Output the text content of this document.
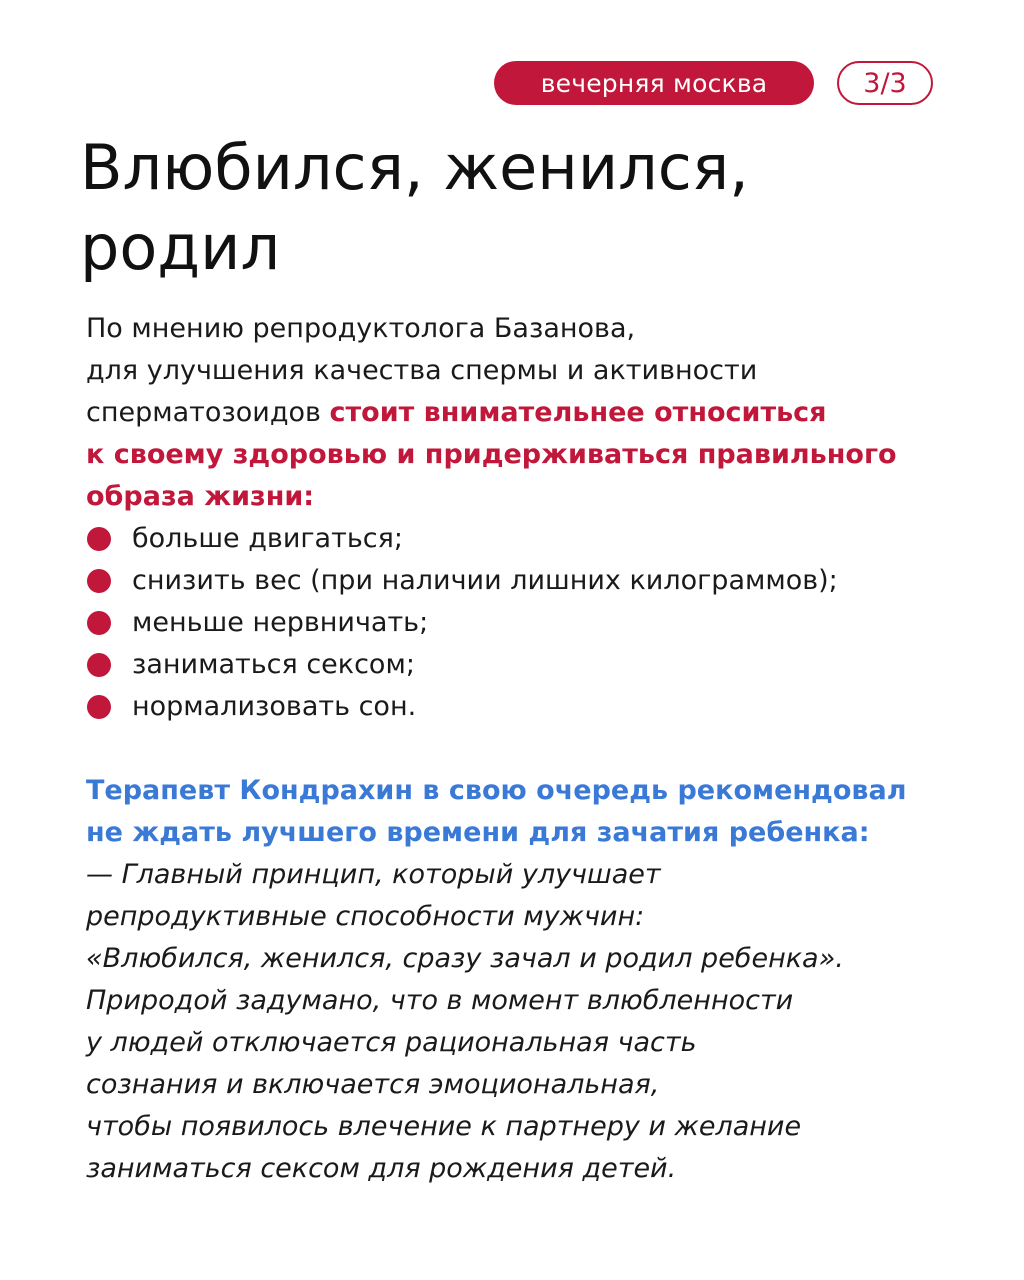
вечерняя москва	3/3
Влюбился, женился,
родил

По мнению репродуктолога Базанова,
для улучшения качества спермы и активности
сперматозоидов стоит внимательнее относиться
к своему здоровью и придерживаться правильного
образа жизни:

больше двигаться;
снизить вес (при наличии лишних килограммов);
меньше нервничать;
заниматься сексом;
нормализовать сон.

Терапевт Кондрахин в свою очередь рекомендовал
не ждать лучшего времени для зачатия ребенка:

— Главный принцип, который улучшает
репродуктивные способности мужчин:
«Влюбился, женился, сразу зачал и родил ребенка».
Природой задумано, что в момент влюбленности
у людей отключается рациональная часть
сознания и включается эмоциональная,
чтобы появилось влечение к партнеру и желание
заниматься сексом для рождения детей.
